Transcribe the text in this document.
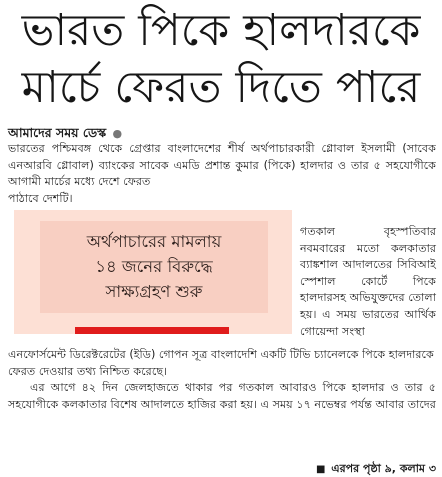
ভারত পিকে হালদারকে
মার্চে ফেরত দিতে পারে
আমাদের সময় ডেস্ক ●
ভারতের পশ্চিমবঙ্গ থেকে গ্রেপ্তার বাংলাদেশের শীর্ষ অর্থপাচারকারী গ্লোবাল ইসলামী (সাবেক এনআরবি গ্লোবাল) ব্যাংকের সাবেক এমডি প্রশান্ত কুমার (পিকে) হালদার ও তার ৫ সহযোগীকে আগামী মার্চের মধ্যে দেশে ফেরত
পাঠাবে দেশটি।
অর্থপাচারের মামলায়
১৪ জনের বিরুদ্ধে
সাক্ষ্যগ্রহণ শুরু
গতকাল বৃহস্পতিবার নবমবারের মতো কলকাতার ব্যাঙ্কশাল আদালতের সিবিআই স্পেশাল কোর্টে পিকে হালদারসহ অভিযুক্তদের তোলা হয়। এ সময় ভারতের আর্থিক গোয়েন্দা সংস্থা
এনফোর্সমেন্ট ডিরেক্টরেটের (ইডি) গোপন সূত্র বাংলাদেশি একটি টিভি চ্যানেলকে পিকে হালদারকে ফেরত দেওয়ার তথ্য নিশ্চিত করেছে।
এর আগে ৪২ দিন জেলহাজতে থাকার পর গতকাল আবারও পিকে হালদার ও তার ৫ সহযোগীকে কলকাতার বিশেষ আদালতে হাজির করা হয়। এ সময় ১৭ নভেম্বর পর্যন্ত আবার তাদের
■ এরপর পৃষ্ঠা ৯, কলাম ৩
